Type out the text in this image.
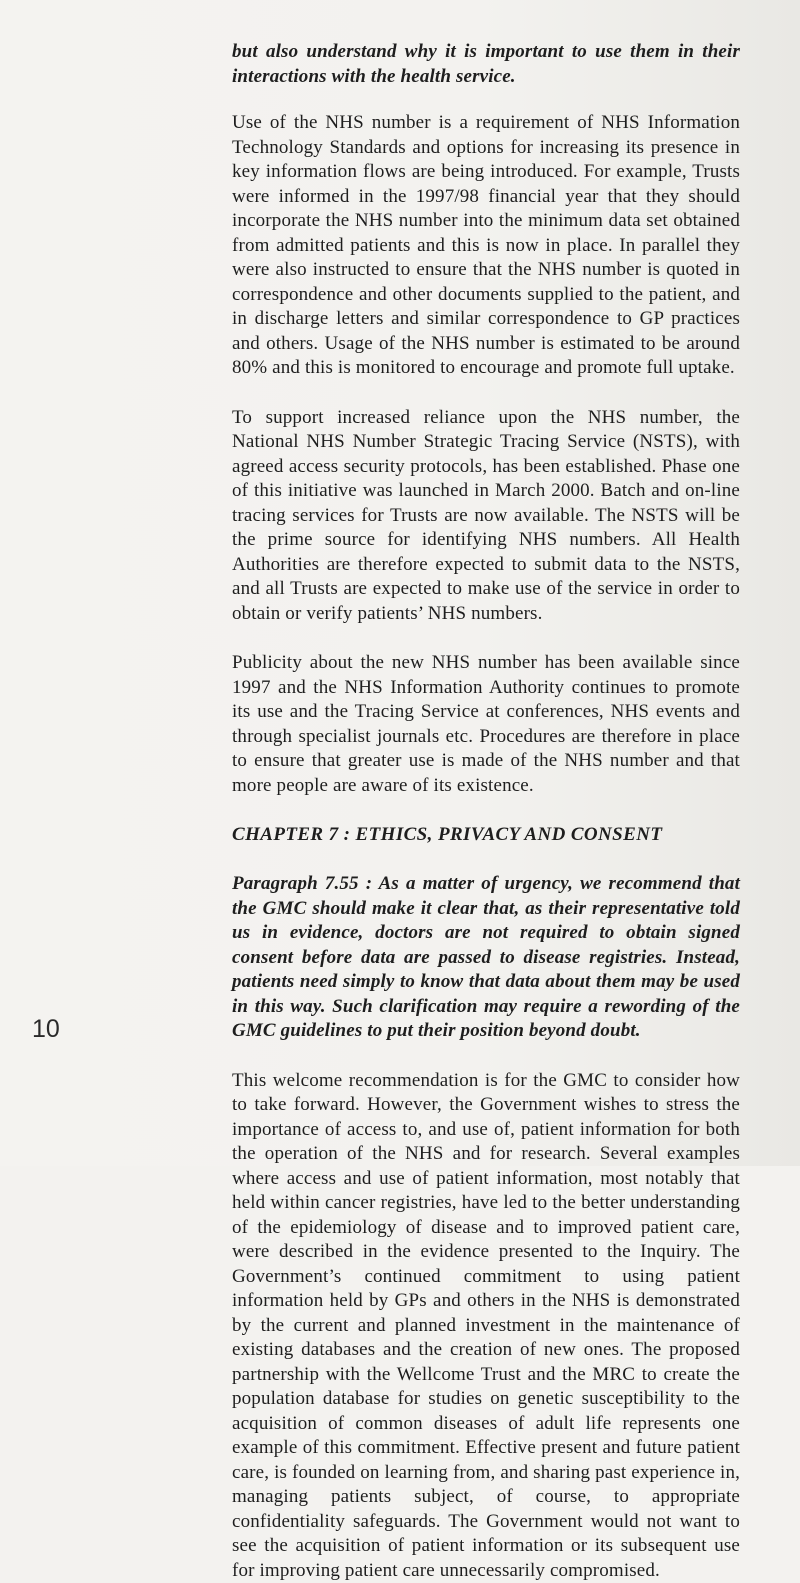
but also understand why it is important to use them in their interactions with the health service.

Use of the NHS number is a requirement of NHS Information Technology Standards and options for increasing its presence in key information flows are being introduced. For example, Trusts were informed in the 1997/98 financial year that they should incorporate the NHS number into the minimum data set obtained from admitted patients and this is now in place. In parallel they were also instructed to ensure that the NHS number is quoted in correspondence and other documents supplied to the patient, and in discharge letters and similar correspondence to GP practices and others. Usage of the NHS number is estimated to be around 80% and this is monitored to encourage and promote full uptake.

To support increased reliance upon the NHS number, the National NHS Number Strategic Tracing Service (NSTS), with agreed access security protocols, has been established. Phase one of this initiative was launched in March 2000. Batch and on-line tracing services for Trusts are now available. The NSTS will be the prime source for identifying NHS numbers. All Health Authorities are therefore expected to submit data to the NSTS, and all Trusts are expected to make use of the service in order to obtain or verify patients’ NHS numbers.

Publicity about the new NHS number has been available since 1997 and the NHS Information Authority continues to promote its use and the Tracing Service at conferences, NHS events and through specialist journals etc. Procedures are therefore in place to ensure that greater use is made of the NHS number and that more people are aware of its existence.

CHAPTER 7 : ETHICS, PRIVACY AND CONSENT

Paragraph 7.55 : As a matter of urgency, we recommend that the GMC should make it clear that, as their representative told us in evidence, doctors are not required to obtain signed consent before data are passed to disease registries. Instead, patients need simply to know that data about them may be used in this way. Such clarification may require a rewording of the GMC guidelines to put their position beyond doubt.

This welcome recommendation is for the GMC to consider how to take forward. However, the Government wishes to stress the importance of access to, and use of, patient information for both the operation of the NHS and for research. Several examples where access and use of patient information, most notably that held within cancer registries, have led to the better understanding of the epidemiology of disease and to improved patient care, were described in the evidence presented to the Inquiry. The Government’s continued commitment to using patient information held by GPs and others in the NHS is demonstrated by the current and planned investment in the maintenance of existing databases and the creation of new ones. The proposed partnership with the Wellcome Trust and the MRC to create the population database for studies on genetic susceptibility to the acquisition of common diseases of adult life represents one example of this commitment. Effective present and future patient care, is founded on learning from, and sharing past experience in, managing patients subject, of course, to appropriate confidentiality safeguards. The Government would not want to see the acquisition of patient information or its subsequent use for improving patient care unnecessarily compromised.

10
